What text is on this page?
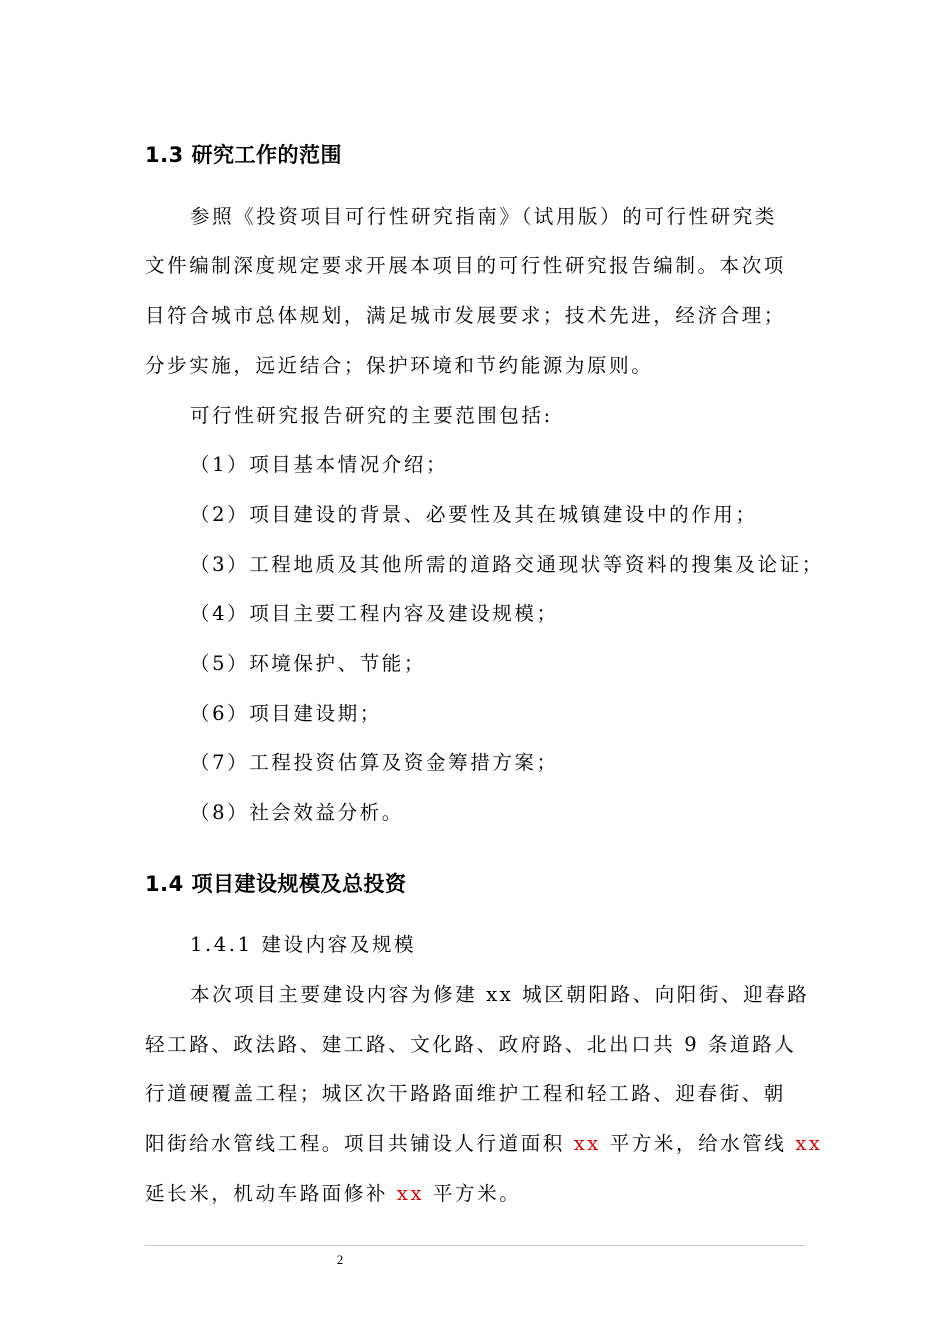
1.3 研究工作的范围
参照《投资项目可行性研究指南》（试用版）的可行性研究类
文件编制深度规定要求开展本项目的可行性研究报告编制。本次项
目符合城市总体规划，满足城市发展要求；技术先进，经济合理；
分步实施，远近结合；保护环境和节约能源为原则。
可行性研究报告研究的主要范围包括:
（1）项目基本情况介绍；
（2）项目建设的背景、必要性及其在城镇建设中的作用；
（3）工程地质及其他所需的道路交通现状等资料的搜集及论证；
（4）项目主要工程内容及建设规模；
（5）环境保护、节能；
（6）项目建设期；
（7）工程投资估算及资金筹措方案；
（8）社会效益分析。
1.4 项目建设规模及总投资
1.4.1 建设内容及规模
本次项目主要建设内容为修建 xx 城区朝阳路、向阳街、迎春路
轻工路、政法路、建工路、文化路、政府路、北出口共 9 条道路人
行道硬覆盖工程；城区次干路路面维护工程和轻工路、迎春街、朝
阳街给水管线工程。项目共铺设人行道面积 xx 平方米，给水管线 xx
延长米，机动车路面修补 xx 平方米。
2
